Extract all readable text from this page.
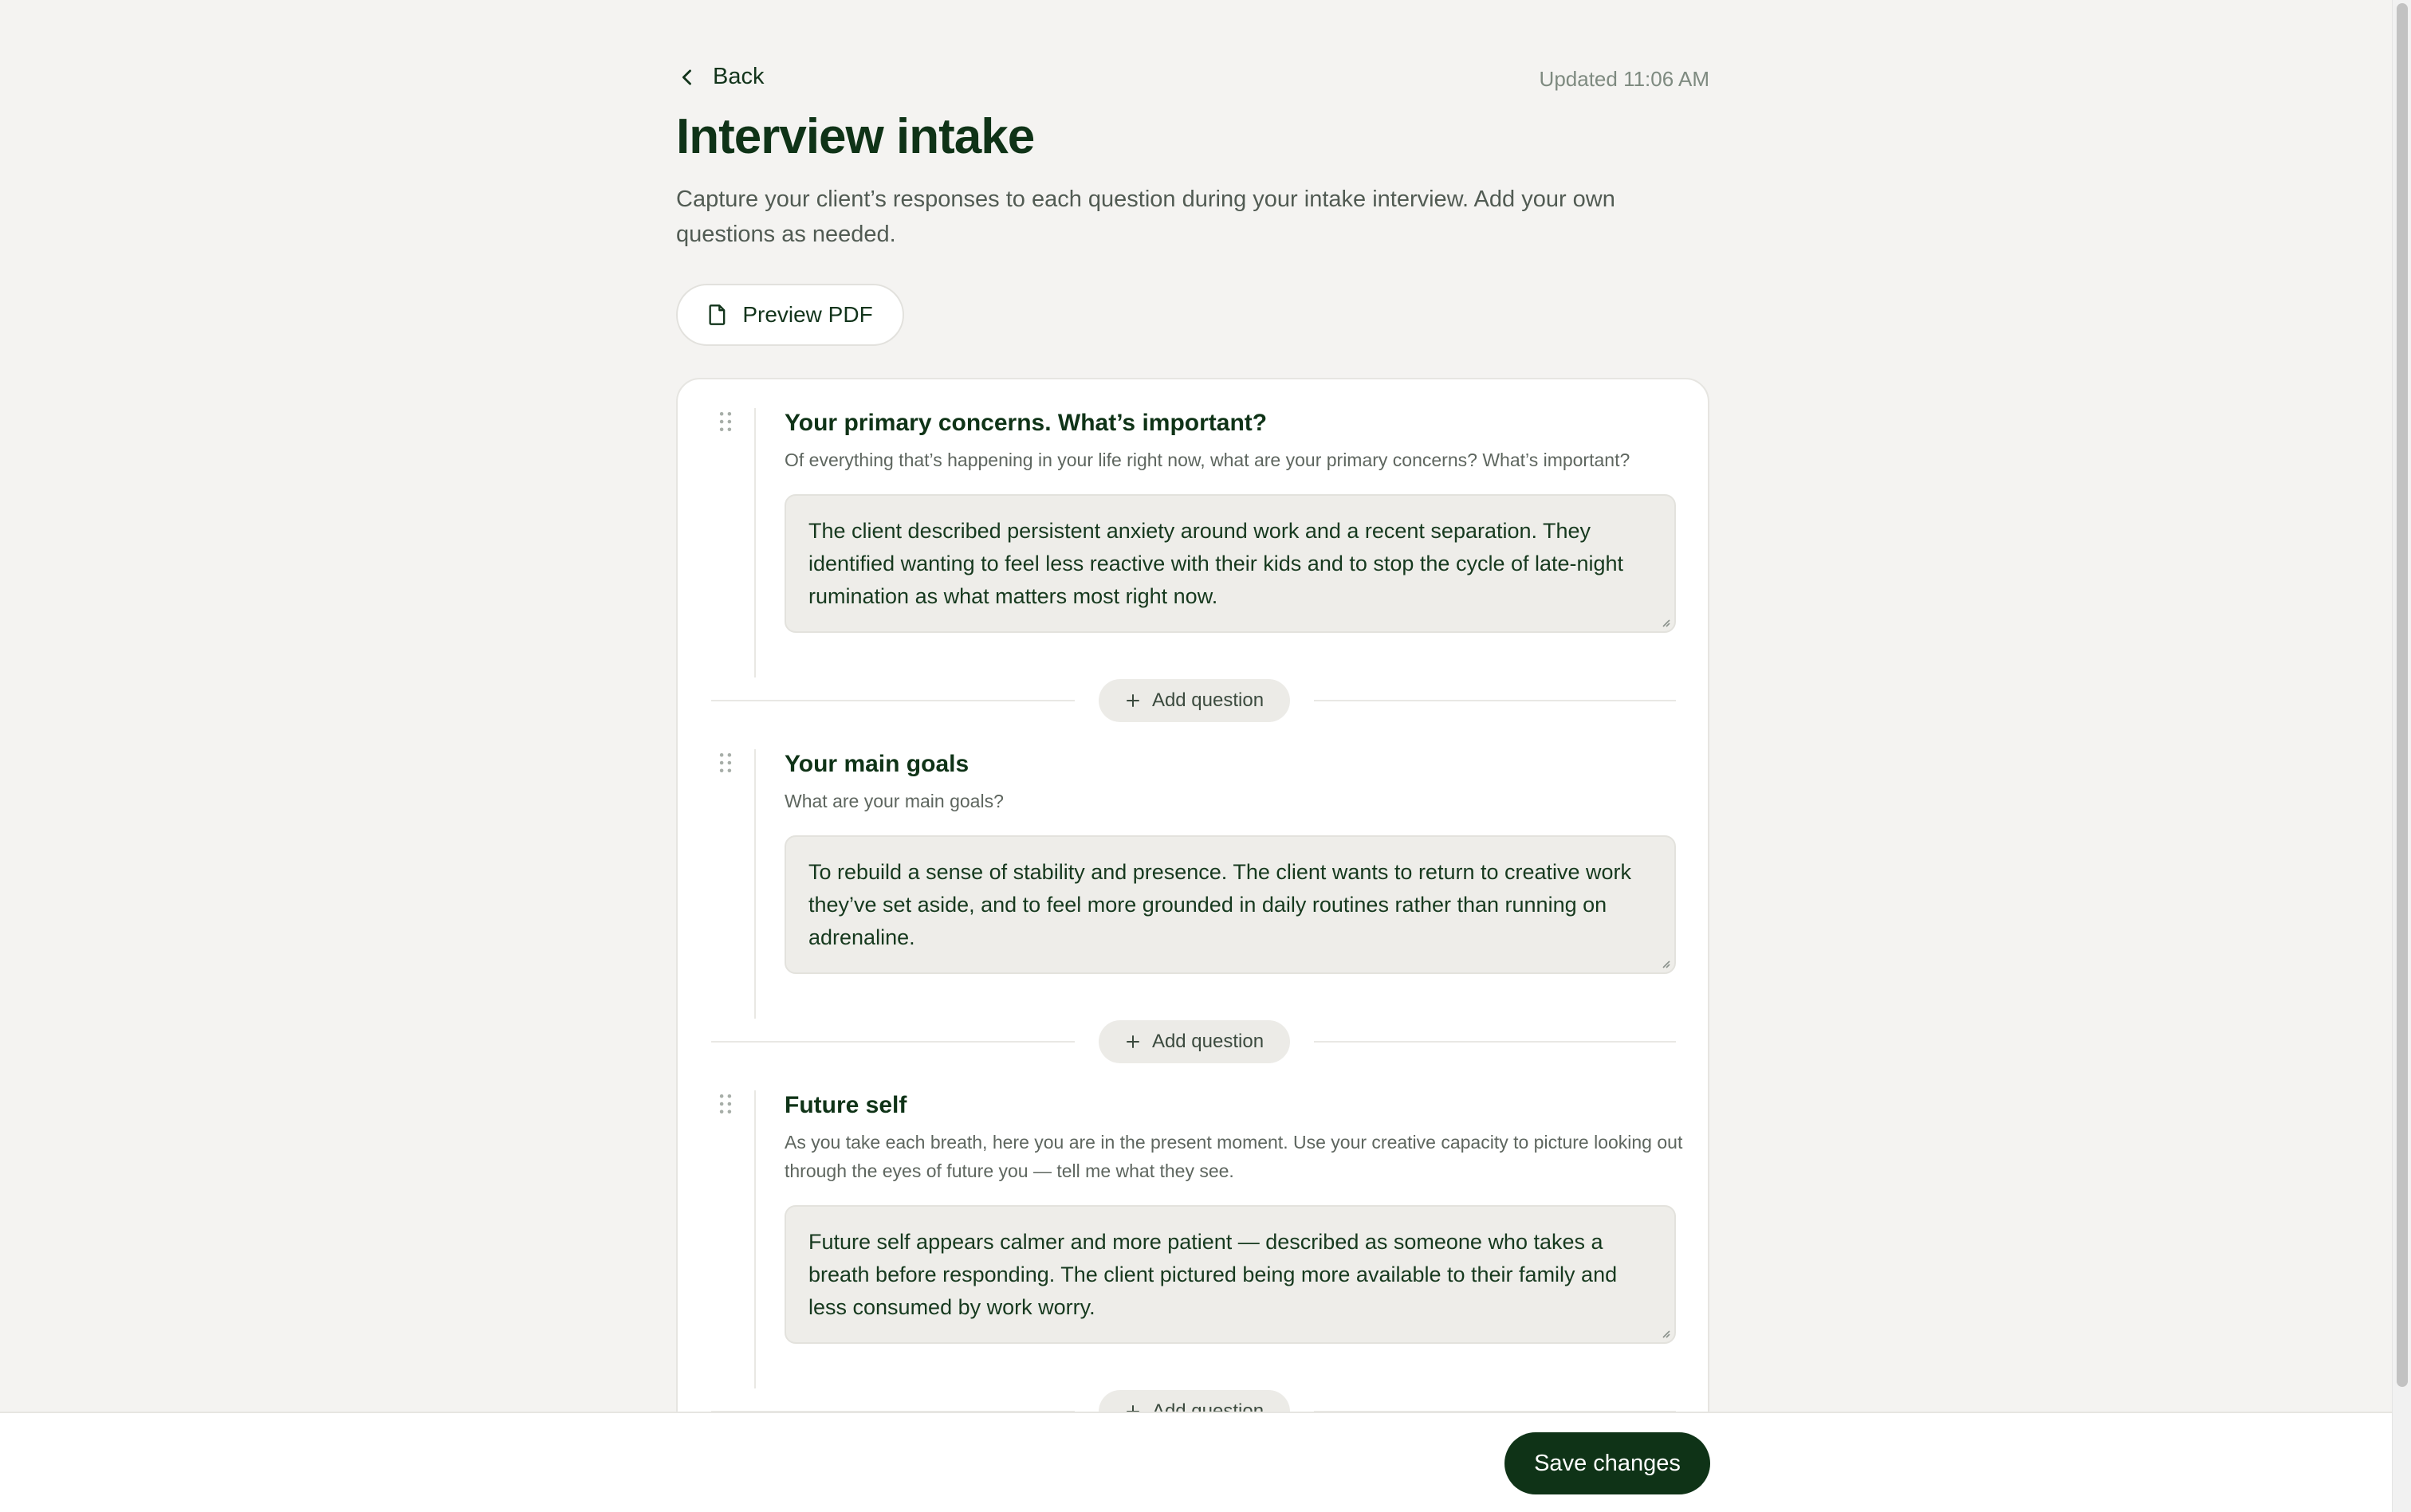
Back	Updated 11:06 AM
Interview intake

Capture your client’s responses to each question during your intake interview. Add your own questions as needed.

Preview PDF
Your primary concerns. What’s important?
Of everything that’s happening in your life right now, what are your primary concerns? What’s important?
The client described persistent anxiety around work and a recent separation. They identified wanting to feel less reactive with their kids and to stop the cycle of late-night rumination as what matters most right now.
Add question
Your main goals
What are your main goals?
To rebuild a sense of stability and presence. The client wants to return to creative work they’ve set aside, and to feel more grounded in daily routines rather than running on adrenaline.
Add question
Future self
As you take each breath, here you are in the present moment. Use your creative capacity to picture looking out through the eyes of future you — tell me what they see.
Future self appears calmer and more patient — described as someone who takes a breath before responding. The client pictured being more available to their family and less consumed by work worry.
Save changes
